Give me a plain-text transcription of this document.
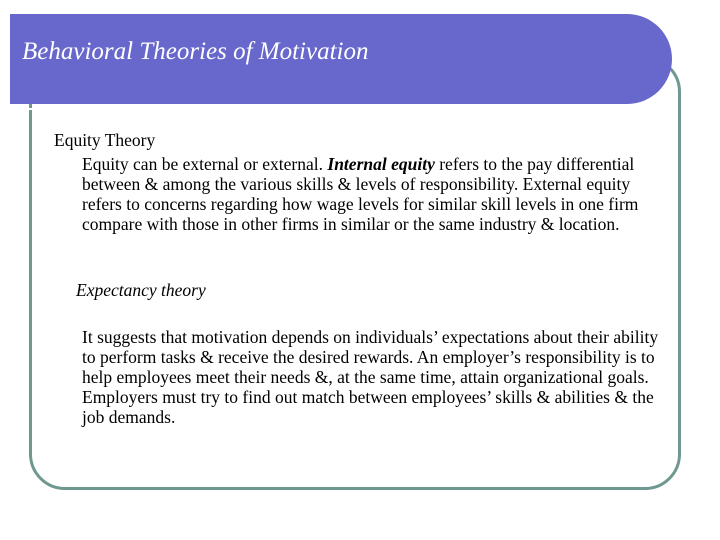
Behavioral Theories of Motivation

Equity Theory

Equity can be external or external. Internal equity refers to the pay differential between & among the various skills & levels of responsibility. External equity refers to concerns regarding how wage levels for similar skill levels in one firm compare with those in other firms in similar or the same industry & location.

Expectancy theory

It suggests that motivation depends on individuals’ expectations about their ability to perform tasks & receive the desired rewards. An employer’s responsibility is to help employees meet their needs &, at the same time, attain organizational goals. Employers must try to find out match between employees’ skills & abilities & the job demands.
